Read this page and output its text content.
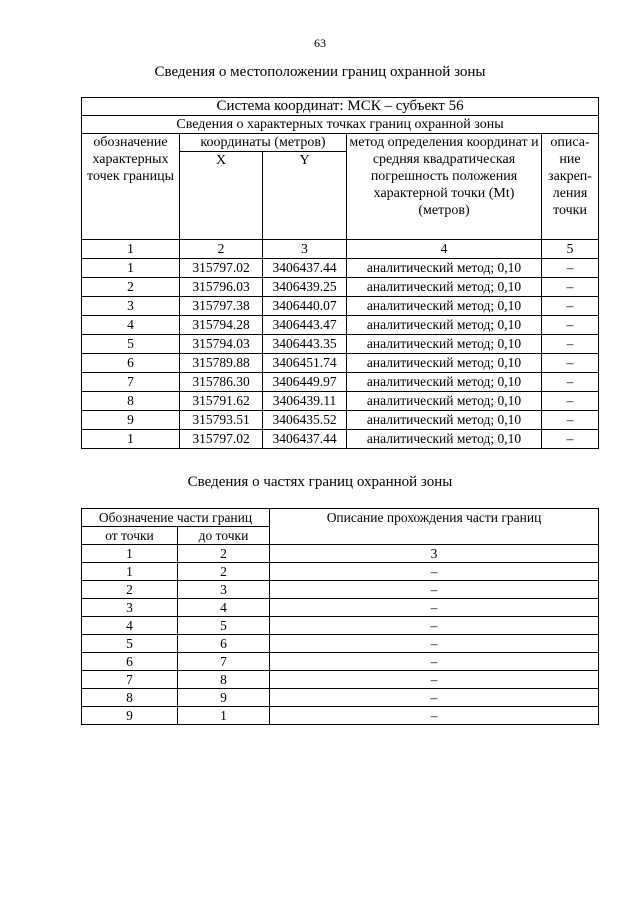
63
Сведения о местоположении границ охранной зоны
Система координат: МСК – субъект 56				
Сведения о характерных точках границ охранной зоны				
обозначение характерных точек границы	координаты (метров)		метод определения координат и средняя квадратическая погрешность положения характерной точки (Mt) (метров)	описа-ние закреп-ления точки
	X	Y		
1	2	3	4	5
1	315797.02	3406437.44	аналитический метод; 0,10	–
2	315796.03	3406439.25	аналитический метод; 0,10	–
3	315797.38	3406440.07	аналитический метод; 0,10	–
4	315794.28	3406443.47	аналитический метод; 0,10	–
5	315794.03	3406443.35	аналитический метод; 0,10	–
6	315789.88	3406451.74	аналитический метод; 0,10	–
7	315786.30	3406449.97	аналитический метод; 0,10	–
8	315791.62	3406439.11	аналитический метод; 0,10	–
9	315793.51	3406435.52	аналитический метод; 0,10	–
1	315797.02	3406437.44	аналитический метод; 0,10	–
Сведения о частях границ охранной зоны
Обозначение части границ		Описание прохождения части границ
от точки	до точки	
1	2	3
1	2	–
2	3	–
3	4	–
4	5	–
5	6	–
6	7	–
7	8	–
8	9	–
9	1	–
